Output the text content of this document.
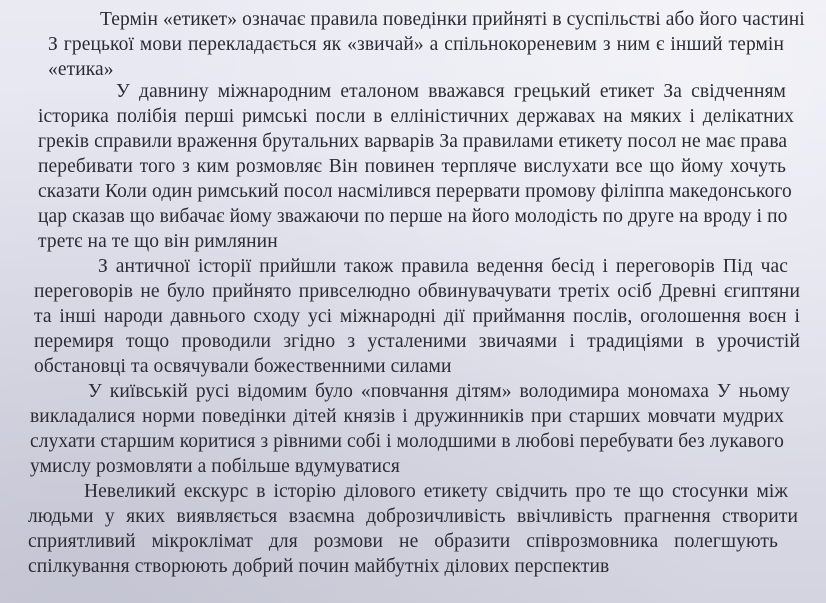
Термін «етикет» означає правила поведінки прийняті в суспільстві або його частині
З грецької мови перекладається як «звичай» а спільнокореневим з ним є інший термін
«етика»
У давнину міжнародним еталоном вважався грецький етикет За свідченням
історика полібія перші римські посли в елліністичних державах на мяких і делікатних
греків справили враження брутальних варварів За правилами етикету посол не має права
перебивати того з ким розмовляє Він повинен терпляче вислухати все що йому хочуть
сказати Коли один римський посол насмілився перервати промову філіппа македонського
цар сказав що вибачає йому зважаючи по перше на його молодість по друге на вроду і по
третє на те що він римлянин
З античної історії прийшли також правила ведення бесід і переговорів Під час
переговорів не було прийнято привселюдно обвинувачувати третіх осіб Древні єгиптяни
та інші народи давнього сходу усі міжнародні дії приймання послів, оголошення воєн і
перемиря тощо проводили згідно з усталеними звичаями і традиціями в урочистій
обстановці та освячували божественними силами
У київській русі відомим було «повчання дітям» володимира мономаха У ньому
викладалися норми поведінки дітей князів і дружинників при старших мовчати мудрих
слухати старшим коритися з рівними собі і молодшими в любові перебувати без лукавого
умислу розмовляти а побільше вдумуватися
Невеликий екскурс в історію ділового етикету свідчить про те що стосунки між
людьми у яких виявляється взаємна доброзичливість ввічливість прагнення створити
сприятливий мікроклімат для розмови не образити співрозмовника полегшують
спілкування створюють добрий почин майбутніх ділових перспектив
